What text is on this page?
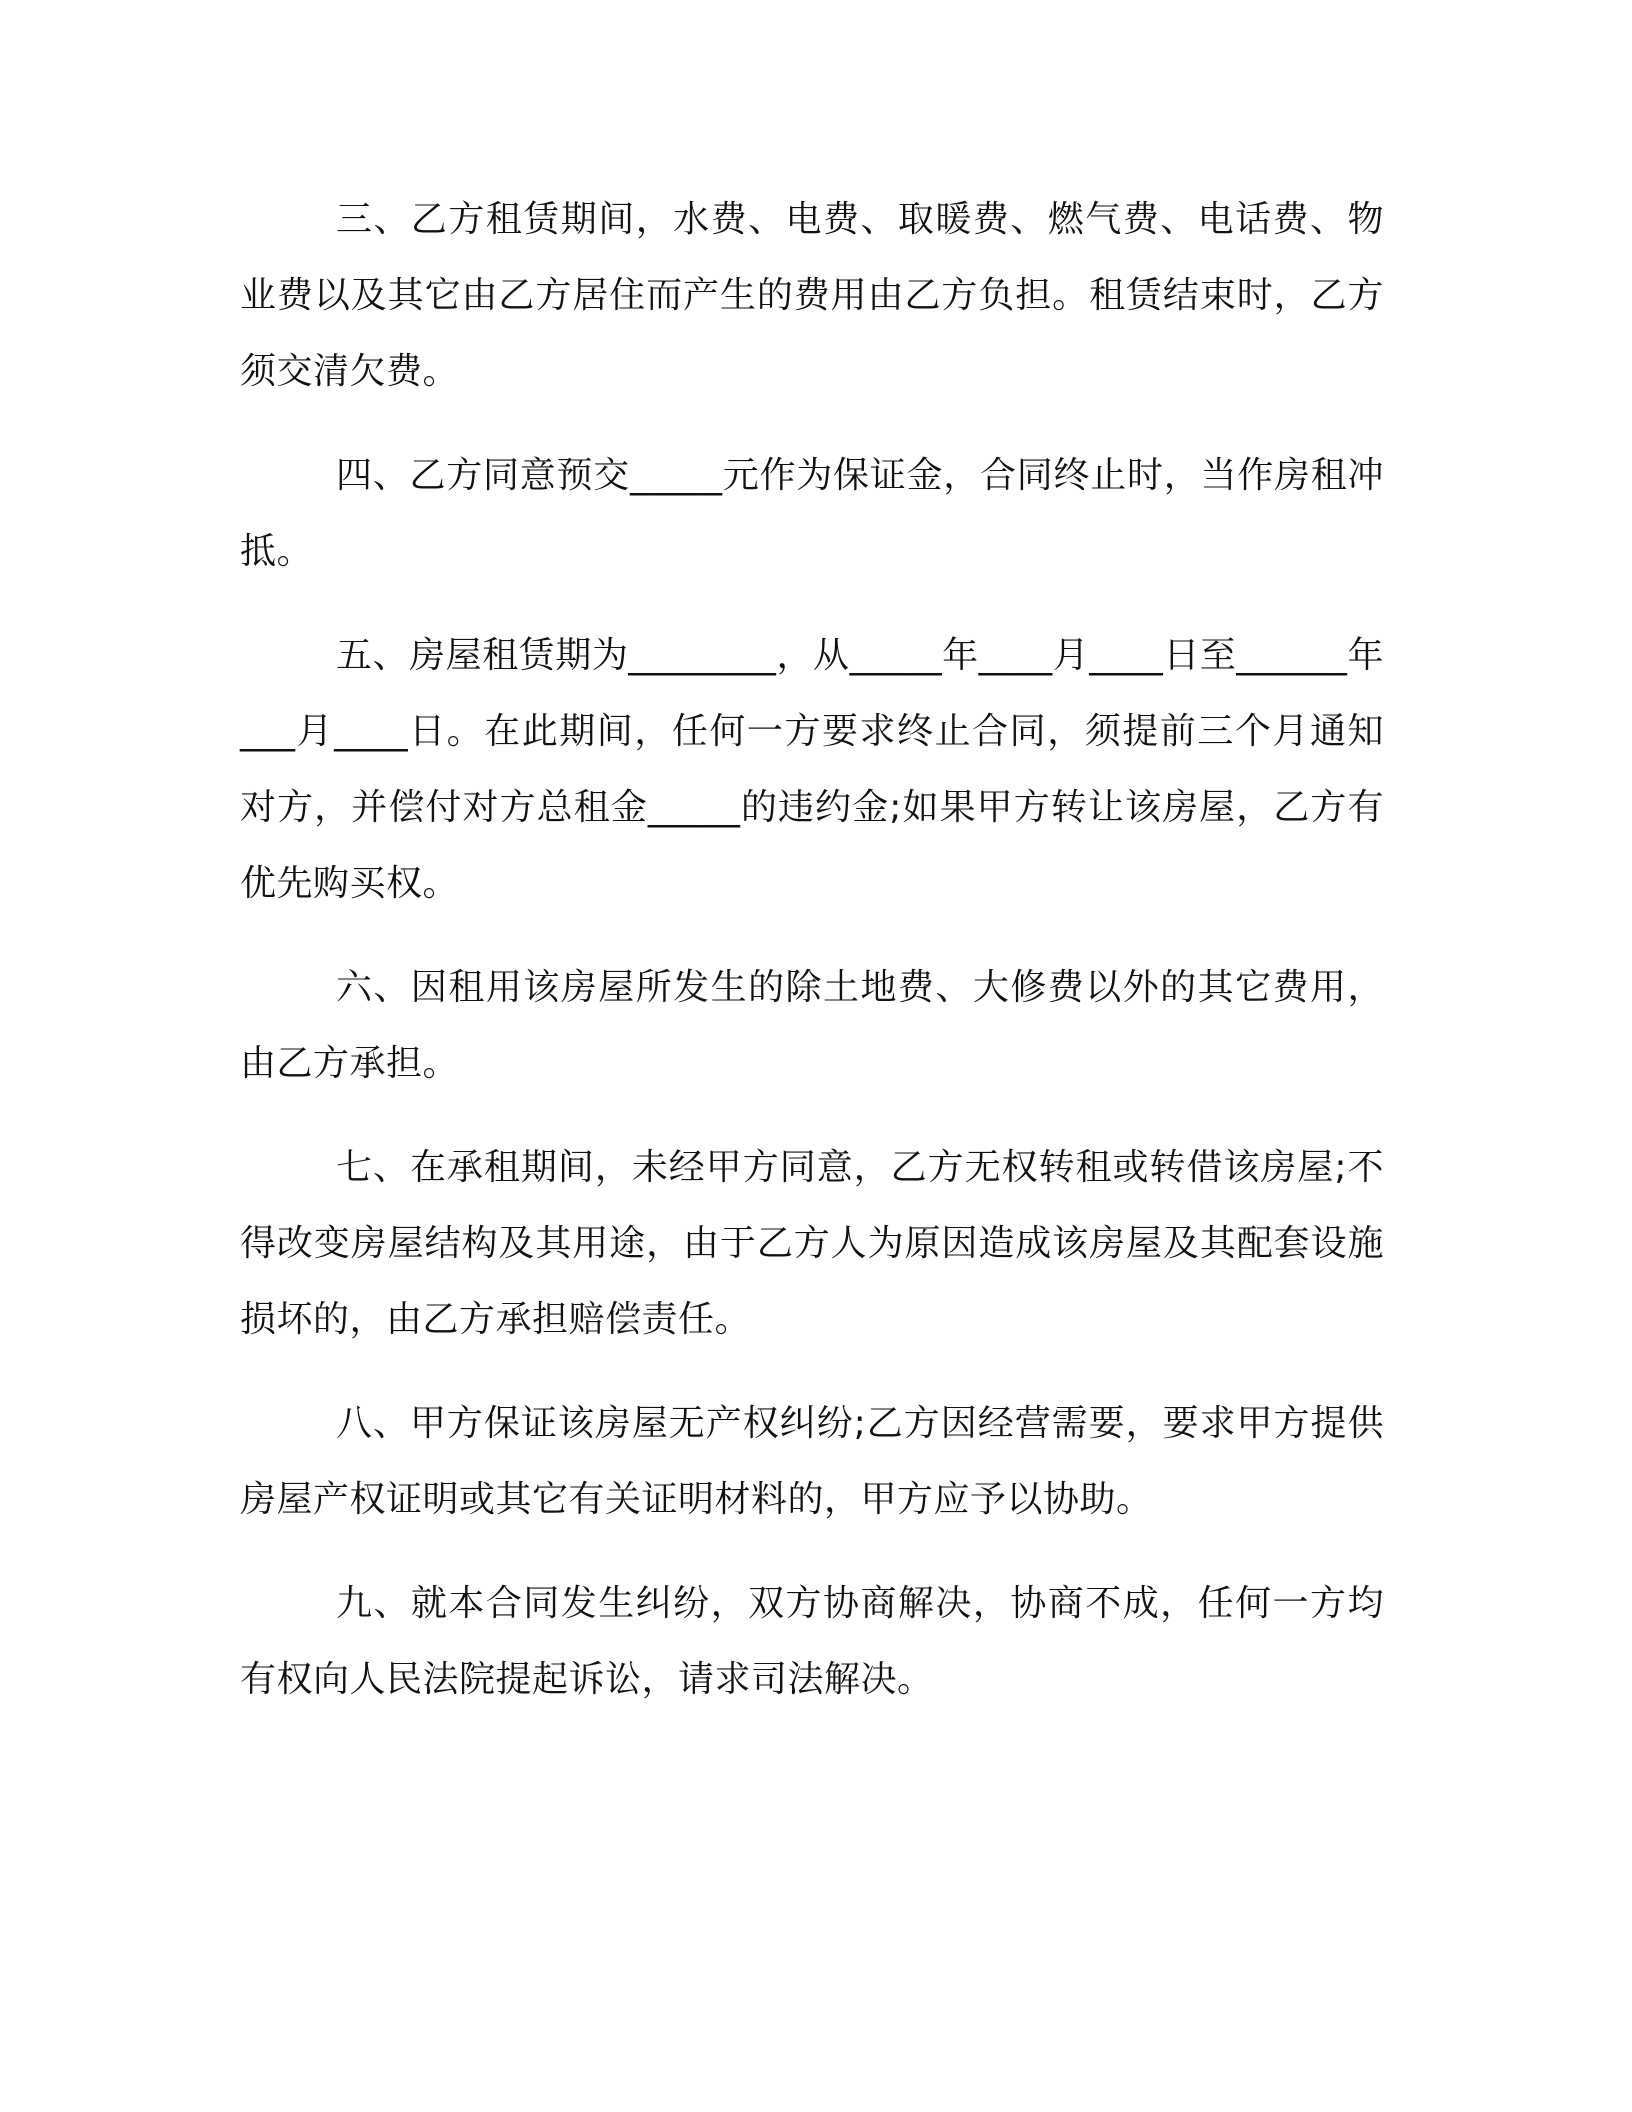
三、乙方租赁期间，水费、电费、取暖费、燃气费、电话费、物业费以及其它由乙方居住而产生的费用由乙方负担。租赁结束时，乙方须交清欠费。

四、乙方同意预交_____元作为保证金，合同终止时，当作房租冲抵。

五、房屋租赁期为________，从_____年____月____日至______年___月____日。在此期间，任何一方要求终止合同，须提前三个月通知对方，并偿付对方总租金_____的违约金;如果甲方转让该房屋，乙方有优先购买权。

六、因租用该房屋所发生的除土地费、大修费以外的其它费用，由乙方承担。

七、在承租期间，未经甲方同意，乙方无权转租或转借该房屋;不得改变房屋结构及其用途，由于乙方人为原因造成该房屋及其配套设施损坏的，由乙方承担赔偿责任。

八、甲方保证该房屋无产权纠纷;乙方因经营需要，要求甲方提供房屋产权证明或其它有关证明材料的，甲方应予以协助。

九、就本合同发生纠纷，双方协商解决，协商不成，任何一方均有权向人民法院提起诉讼，请求司法解决。
